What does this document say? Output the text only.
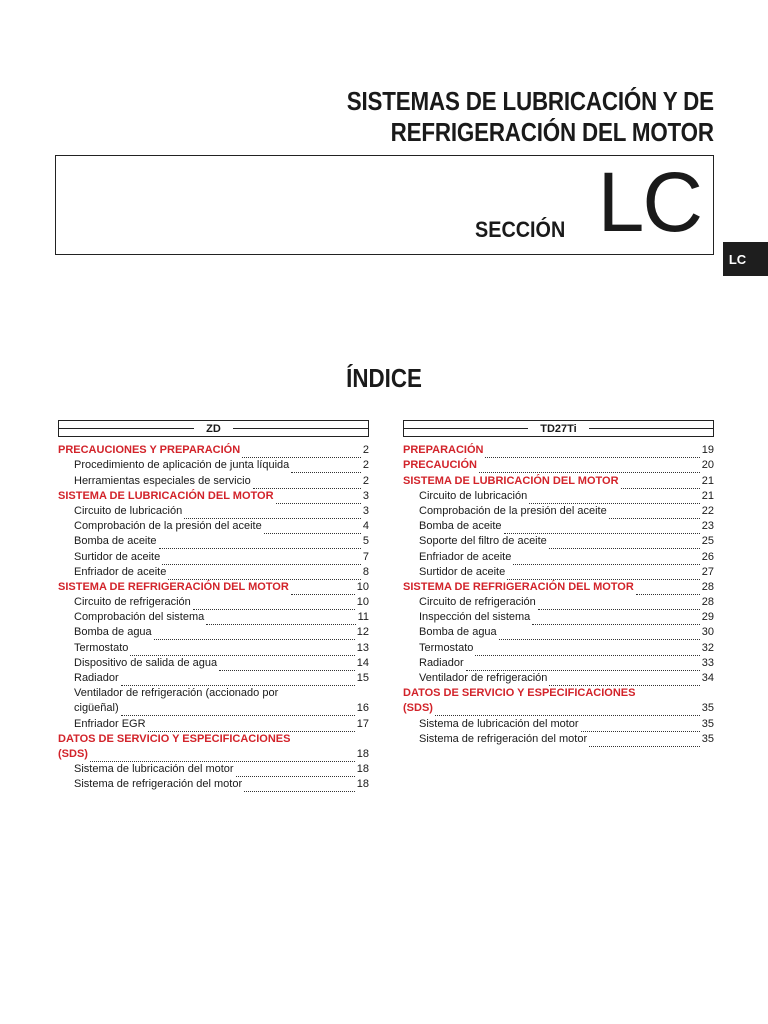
SISTEMAS DE LUBRICACIÓN Y DE
REFRIGERACIÓN DEL MOTOR
SECCIÓN LC
LC
ÍNDICE
ZD
PRECAUCIONES Y PREPARACIÓN	2
Procedimiento de aplicación de junta líquida	2
Herramientas especiales de servicio	2
SISTEMA DE LUBRICACIÓN DEL MOTOR	3
Circuito de lubricación	3
Comprobación de la presión del aceite	4
Bomba de aceite	5
Surtidor de aceite	7
Enfriador de aceite	8
SISTEMA DE REFRIGERACIÓN DEL MOTOR	10
Circuito de refrigeración	10
Comprobación del sistema	11
Bomba de agua	12
Termostato	13
Dispositivo de salida de agua	14
Radiador	15
Ventilador de refrigeración (accionado por
cigüeñal)	16
Enfriador EGR	17
DATOS DE SERVICIO Y ESPECIFICACIONES
(SDS)	18
Sistema de lubricación del motor	18
Sistema de refrigeración del motor	18
TD27Ti
PREPARACIÓN	19
PRECAUCIÓN	20
SISTEMA DE LUBRICACIÓN DEL MOTOR	21
Circuito de lubricación	21
Comprobación de la presión del aceite	22
Bomba de aceite	23
Soporte del filtro de aceite	25
Enfriador de aceite	26
Surtidor de aceite	27
SISTEMA DE REFRIGERACIÓN DEL MOTOR	28
Circuito de refrigeración	28
Inspección del sistema	29
Bomba de agua	30
Termostato	32
Radiador	33
Ventilador de refrigeración	34
DATOS DE SERVICIO Y ESPECIFICACIONES
(SDS)	35
Sistema de lubricación del motor	35
Sistema de refrigeración del motor	35
